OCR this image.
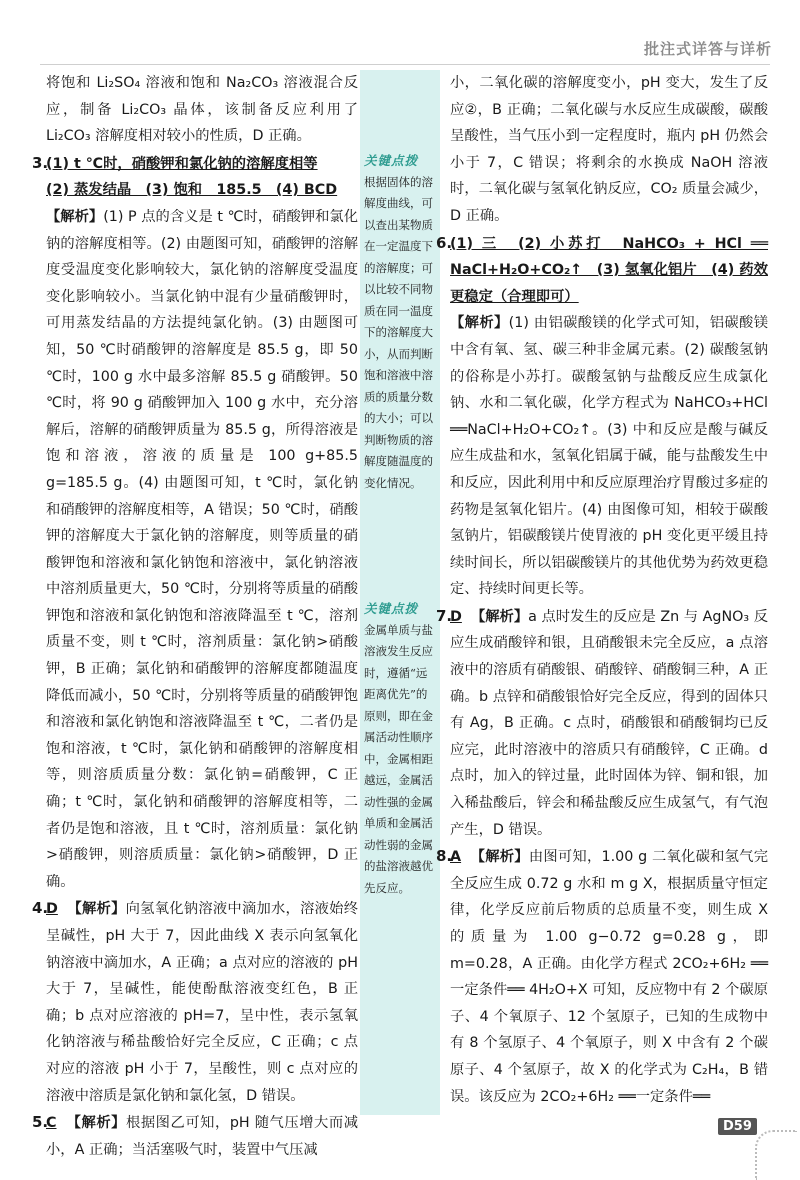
批注式详答与详析

将饱和 Li₂SO₄ 溶液和饱和 Na₂CO₃ 溶液混合反应，制备 Li₂CO₃ 晶体，该制备反应利用了 Li₂CO₃ 溶解度相对较小的性质，D 正确。

3.(1) t ℃时，硝酸钾和氯化钠的溶解度相等
(2) 蒸发结晶　(3) 饱和　185.5　(4) BCD
【解析】(1) P 点的含义是 t ℃时，硝酸钾和氯化钠的溶解度相等。(2) 由题图可知，硝酸钾的溶解度受温度变化影响较大，氯化钠的溶解度受温度变化影响较小。当氯化钠中混有少量硝酸钾时，可用蒸发结晶的方法提纯氯化钠。(3) 由题图可知，50 ℃时硝酸钾的溶解度是 85.5 g，即 50 ℃时，100 g 水中最多溶解 85.5 g 硝酸钾。50 ℃时，将 90 g 硝酸钾加入 100 g 水中，充分溶解后，溶解的硝酸钾质量为 85.5 g，所得溶液是饱和溶液，溶液的质量是 100 g+85.5 g=185.5 g。(4) 由题图可知，t ℃时，氯化钠和硝酸钾的溶解度相等，A 错误；50 ℃时，硝酸钾的溶解度大于氯化钠的溶解度，则等质量的硝酸钾饱和溶液和氯化钠饱和溶液中，氯化钠溶液中溶剂质量更大，50 ℃时，分别将等质量的硝酸钾饱和溶液和氯化钠饱和溶液降温至 t ℃，溶剂质量不变，则 t ℃时，溶剂质量：氯化钠>硝酸钾，B 正确；氯化钠和硝酸钾的溶解度都随温度降低而减小，50 ℃时，分别将等质量的硝酸钾饱和溶液和氯化钠饱和溶液降温至 t ℃，二者仍是饱和溶液，t ℃时，氯化钠和硝酸钾的溶解度相等，则溶质质量分数：氯化钠=硝酸钾，C 正确；t ℃时，氯化钠和硝酸钾的溶解度相等，二者仍是饱和溶液，且 t ℃时，溶剂质量：氯化钠>硝酸钾，则溶质质量：氯化钠>硝酸钾，D 正确。

4.D 【解析】向氢氧化钠溶液中滴加水，溶液始终呈碱性，pH 大于 7，因此曲线 X 表示向氢氧化钠溶液中滴加水，A 正确；a 点对应的溶液的 pH 大于 7，呈碱性，能使酚酞溶液变红色，B 正确；b 点对应溶液的 pH=7，呈中性，表示氢氧化钠溶液与稀盐酸恰好完全反应，C 正确；c 点对应的溶液 pH 小于 7，呈酸性，则 c 点对应的溶液中溶质是氯化钠和氯化氢，D 错误。

5.C 【解析】根据图乙可知，pH 随气压增大而减小，A 正确；当活塞吸气时，装置中气压减

关键点拨
根据固体的溶解度曲线，可以查出某物质在一定温度下的溶解度；可以比较不同物质在同一温度下的溶解度大小，从而判断饱和溶液中溶质的质量分数的大小；可以判断物质的溶解度随温度的变化情况。
关键点拨
金属单质与盐溶液发生反应时，遵循“远距离优先”的原则，即在金属活动性顺序中，金属相距越远，金属活动性强的金属单质和金属活动性弱的金属的盐溶液越优先反应。

小，二氧化碳的溶解度变小，pH 变大，发生了反应②，B 正确；二氧化碳与水反应生成碳酸，碳酸呈酸性，当气压小到一定程度时，瓶内 pH 仍然会小于 7，C 错误；将剩余的水换成 NaOH 溶液时，二氧化碳与氢氧化钠反应，CO₂ 质量会减少，D 正确。

6.(1) 三　(2) 小苏打　NaHCO₃ + HCl ══ NaCl+H₂O+CO₂↑　(3) 氢氧化铝片　(4) 药效更稳定（合理即可）
【解析】(1) 由铝碳酸镁的化学式可知，铝碳酸镁中含有氧、氢、碳三种非金属元素。(2) 碳酸氢钠的俗称是小苏打。碳酸氢钠与盐酸反应生成氯化钠、水和二氧化碳，化学方程式为 NaHCO₃+HCl ══NaCl+H₂O+CO₂↑。(3) 中和反应是酸与碱反应生成盐和水，氢氧化铝属于碱，能与盐酸发生中和反应，因此利用中和反应原理治疗胃酸过多症的药物是氢氧化铝片。(4) 由图像可知，相较于碳酸氢钠片，铝碳酸镁片使胃液的 pH 变化更平缓且持续时间长，所以铝碳酸镁片的其他优势为药效更稳定、持续时间更长等。

7.D 【解析】a 点时发生的反应是 Zn 与 AgNO₃ 反应生成硝酸锌和银，且硝酸银未完全反应，a 点溶液中的溶质有硝酸银、硝酸锌、硝酸铜三种，A 正确。b 点锌和硝酸银恰好完全反应，得到的固体只有 Ag，B 正确。c 点时，硝酸银和硝酸铜均已反应完，此时溶液中的溶质只有硝酸锌，C 正确。d 点时，加入的锌过量，此时固体为锌、铜和银，加入稀盐酸后，锌会和稀盐酸反应生成氢气，有气泡产生，D 错误。

8.A 【解析】由图可知，1.00 g 二氧化碳和氢气完全反应生成 0.72 g 水和 m g X，根据质量守恒定律，化学反应前后物质的总质量不变，则生成 X 的质量为 1.00 g−0.72 g=0.28 g，即 m=0.28，A 正确。由化学方程式 2CO₂+6H₂ ══一定条件══ 4H₂O+X 可知，反应物中有 2 个碳原子、4 个氧原子、12 个氢原子，已知的生成物中有 8 个氢原子、4 个氧原子，则 X 中含有 2 个碳原子、4 个氢原子，故 X 的化学式为 C₂H₄，B 错误。该反应为 2CO₂+6H₂ ══一定条件══

D59
